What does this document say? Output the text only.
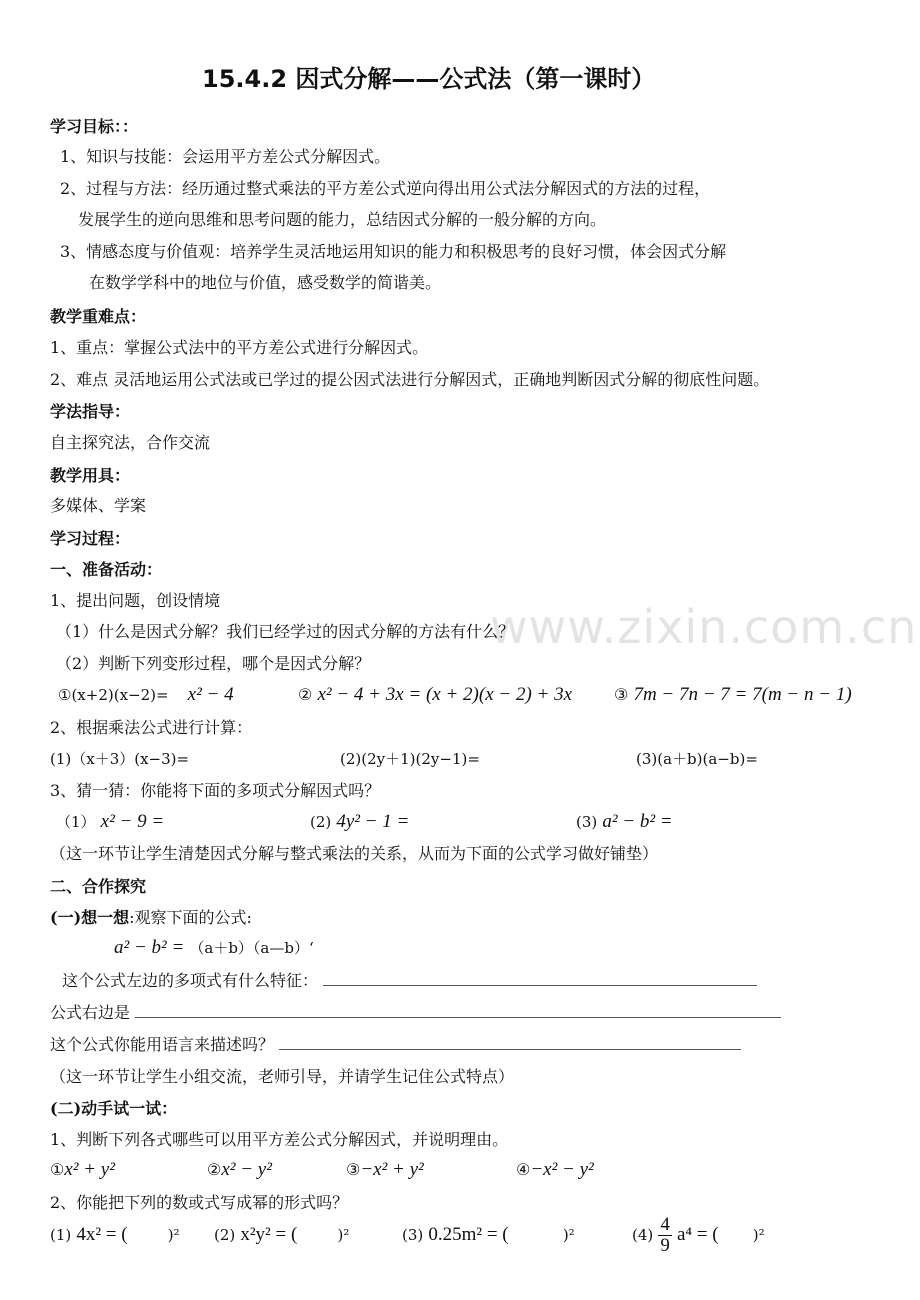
www.zixin.com.cn
15.4.2 因式分解——公式法（第一课时）
学习目标：：
1、知识与技能：会运用平方差公式分解因式。
2、过程与方法：经历通过整式乘法的平方差公式逆向得出用公式法分解因式的方法的过程，
发展学生的逆向思维和思考问题的能力，总结因式分解的一般分解的方向。
3、情感态度与价值观：培养学生灵活地运用知识的能力和积极思考的良好习惯，体会因式分解
在数学学科中的地位与价值，感受数学的简谐美。
教学重难点：
1、重点：掌握公式法中的平方差公式进行分解因式。
2、难点 灵活地运用公式法或已学过的提公因式法进行分解因式，正确地判断因式分解的彻底性问题。
学法指导：
自主探究法，合作交流
教学用具：
多媒体、学案
学习过程：
一、准备活动：
1、提出问题，创设情境
（1）什么是因式分解？我们已经学过的因式分解的方法有什么？
（2）判断下列变形过程，哪个是因式分解？
①(x+2)(x−2)= x² − 4	② x² − 4 + 3x = (x + 2)(x − 2) + 3x	③ 7m − 7n − 7 = 7(m − n − 1)
2、根据乘法公式进行计算：
(1)（x＋3）(x−3)=	(2)(2y＋1)(2y−1)=	(3)(a＋b)(a−b)=
3、猜一猜：你能将下面的多项式分解因式吗？
（1） x² − 9 =	(2) 4y² − 1 =	(3) a² − b² =
（这一环节让学生清楚因式分解与整式乘法的关系，从而为下面的公式学习做好铺垫）
二、合作探究
(一)想一想:观察下面的公式:
a² − b² = （a＋b）（a—b）‘
这个公式左边的多项式有什么特征：
公式右边是
这个公式你能用语言来描述吗？
（这一环节让学生小组交流，老师引导，并请学生记住公式特点）
(二)动手试一试：
1、判断下列各式哪些可以用平方差公式分解因式，并说明理由。
①x² + y²	②x² − y²	③−x² + y²	④−x² − y²
2、你能把下列的数或式写成幂的形式吗？
(1) 4x² = (	)² (2) x²y² = (	)²	(3) 0.25m² = (	)²	$(4) \frac{4}{9} a^4$ = ( )²
